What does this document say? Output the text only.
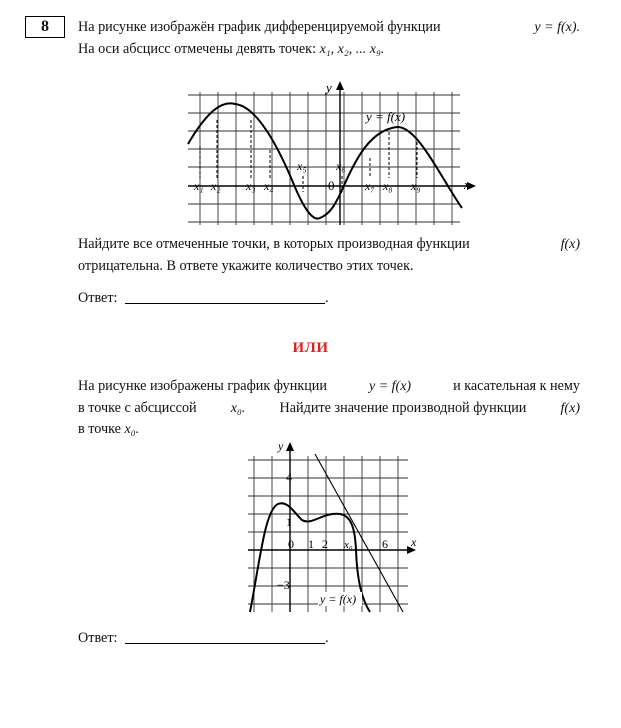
8	На рисунке изображён график дифференцируемой функции	y = f(x).
На оси абсцисс отмечены девять точек: x₁, x₂, ... x₉.
y
x
0
y = f(x)
x₁ x₂ x₃ x₄
x₅ x₆
x₇ x₈ x₉
Найдите все отмеченные точки, в которых производная функции	f(x)
отрицательна. В ответе укажите количество этих точек.
Ответ:	.
ИЛИ
На рисунке изображены график функции	y = f(x)	и касательная к нему
в точке с абсциссой x₀. Найдите значение производной функции f(x)
в точке x₀.
y
x
4
1
−3
0 1 2 x₀ 6
y = f(x)
Ответ:	.
